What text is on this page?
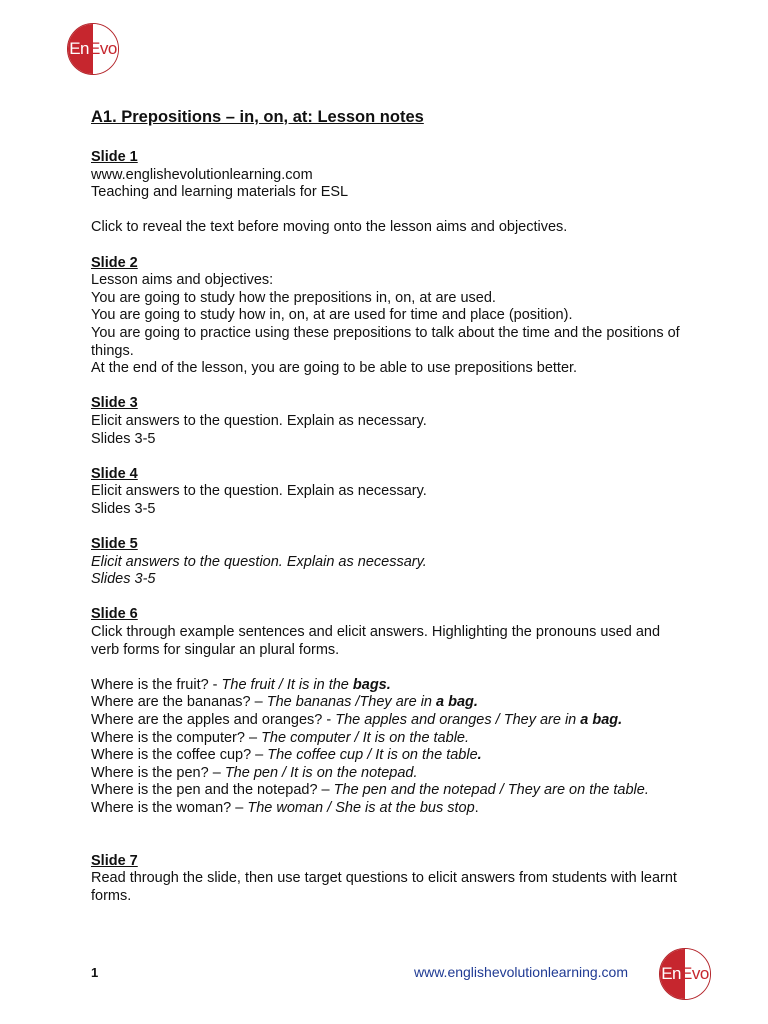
En Evo
A1. Prepositions – in, on, at: Lesson notes
Slide 1
www.englishevolutionlearning.com
Teaching and learning materials for ESL
Click to reveal the text before moving onto the lesson aims and objectives.
Slide 2
Lesson aims and objectives:
You are going to study how the prepositions in, on, at are used.
You are going to study how in, on, at are used for time and place (position).
You are going to practice using these prepositions to talk about the time and the positions of things.
At the end of the lesson, you are going to be able to use prepositions better.
Slide 3
Elicit answers to the question. Explain as necessary.
Slides 3-5
Slide 4
Elicit answers to the question. Explain as necessary.
Slides 3-5
Slide 5
Elicit answers to the question. Explain as necessary.
Slides 3-5
Slide 6
Click through example sentences and elicit answers. Highlighting the pronouns used and verb forms for singular an plural forms.
Where is the fruit? - The fruit / It is in the bags.
Where are the bananas? – The bananas /They are in a bag.
Where are the apples and oranges? - The apples and oranges / They are in a bag.
Where is the computer? – The computer / It is on the table.
Where is the coffee cup? – The coffee cup / It is on the table.
Where is the pen? – The pen / It is on the notepad.
Where is the pen and the notepad? – The pen and the notepad / They are on the table.
Where is the woman? – The woman / She is at the bus stop.
Slide 7
Read through the slide, then use target questions to elicit answers from students with learnt forms.
1	www.englishevolutionlearning.com En Evo
